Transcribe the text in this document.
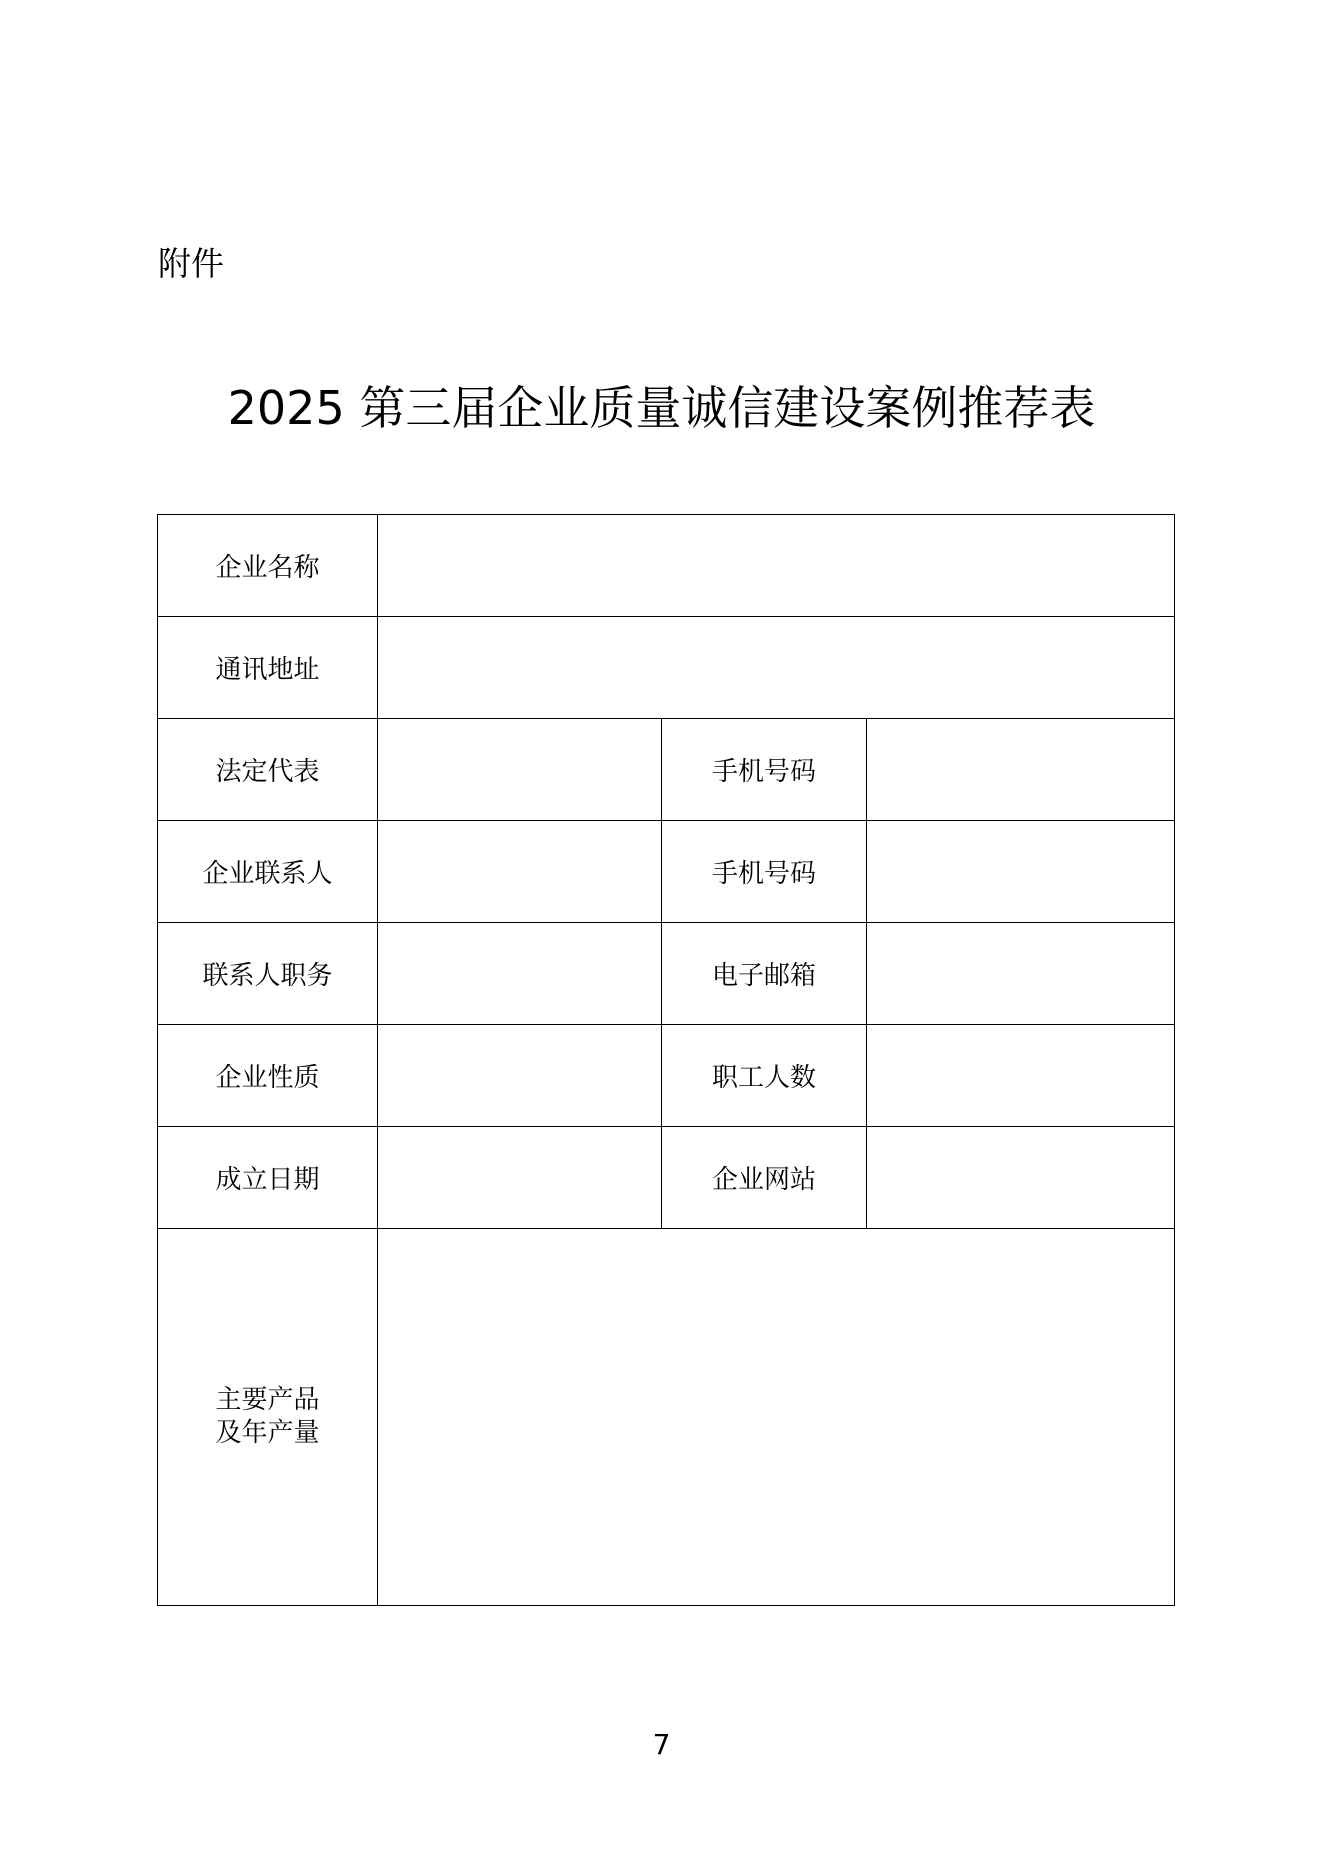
附件
2025 第三届企业质量诚信建设案例推荐表
企业名称			
通讯地址			
法定代表		手机号码	
企业联系人		手机号码	
联系人职务		电子邮箱	
企业性质		职工人数	
成立日期		企业网站	
主要产品
及年产量			
7
